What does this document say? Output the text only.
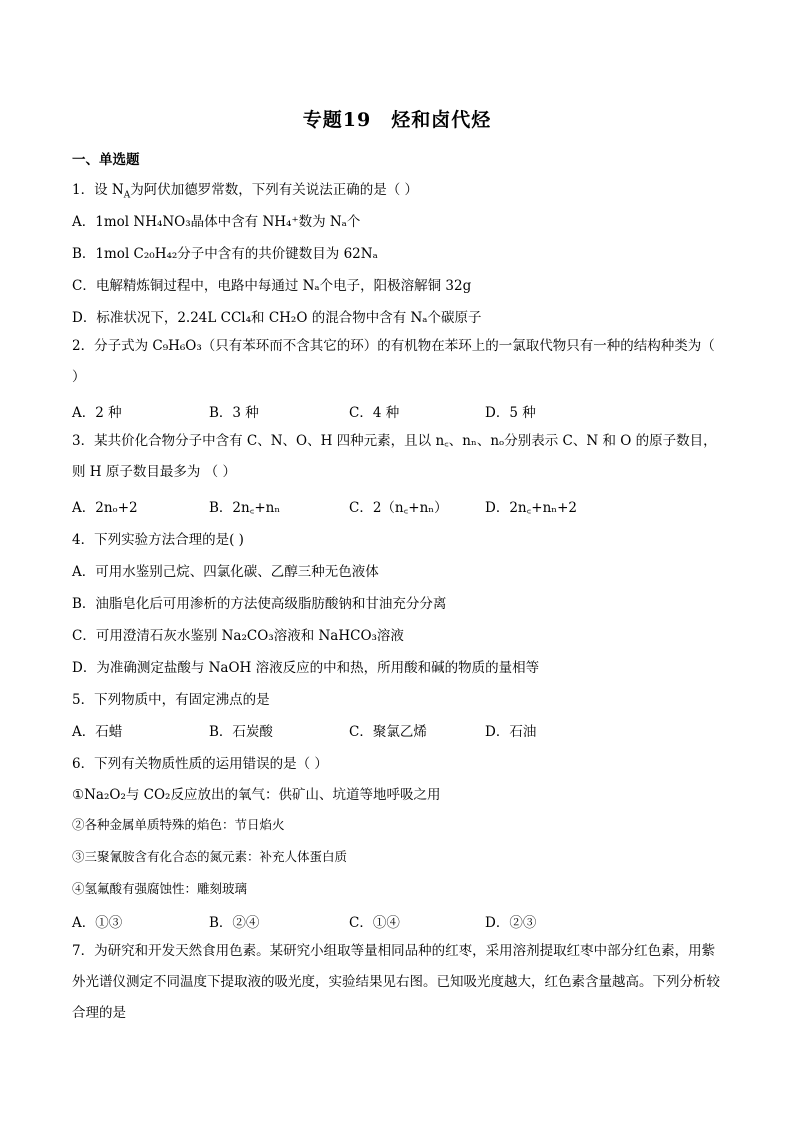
专题19　烃和卤代烃
一、单选题
1．设 $N_A$为阿伏加德罗常数，下列有关说法正确的是（ ）
A．1mol NH₄NO₃晶体中含有 NH₄⁺数为 Nₐ个
B．1mol C₂₀H₄₂分子中含有的共价键数目为 62Nₐ
C．电解精炼铜过程中，电路中每通过 Nₐ个电子，阳极溶解铜 32g
D．标准状况下，2.24L CCl₄和 CH₂O 的混合物中含有 Nₐ个碳原子
2．分子式为 C₉H₆O₃（只有苯环而不含其它的环）的有机物在苯环上的一氯取代物只有一种的结构种类为（ ）
A．2 种	B．3 种	C．4 种	D．5 种
3．某共价化合物分子中含有 C、N、O、H 四种元素，且以 n꜀、nₙ、nₒ分别表示 C、N 和 O 的原子数目，则 H 原子数目最多为 （ ）
A．2nₒ+2	B．2n꜀+nₙ	C．2（n꜀+nₙ）	D．2n꜀+nₙ+2
4．下列实验方法合理的是( )
A．可用水鉴别己烷、四氯化碳、乙醇三种无色液体
B．油脂皂化后可用渗析的方法使高级脂肪酸钠和甘油充分分离
C．可用澄清石灰水鉴别 Na₂CO₃溶液和 NaHCO₃溶液
D．为准确测定盐酸与 NaOH 溶液反应的中和热，所用酸和碱的物质的量相等
5．下列物质中，有固定沸点的是
A．石蜡	B．石炭酸	C．聚氯乙烯	D．石油
6．下列有关物质性质的运用错误的是（ ）
①Na₂O₂与 CO₂反应放出的氧气：供矿山、坑道等地呼吸之用
②各种金属单质特殊的焰色：节日焰火
③三聚氰胺含有化合态的氮元素：补充人体蛋白质
④氢氟酸有强腐蚀性：雕刻玻璃
A．①③	B．②④	C．①④	D．②③
7．为研究和开发天然食用色素。某研究小组取等量相同品种的红枣，采用溶剂提取红枣中部分红色素，用紫外光谱仪测定不同温度下提取液的吸光度，实验结果见右图。已知吸光度越大，红色素含量越高。下列分析较合理的是
